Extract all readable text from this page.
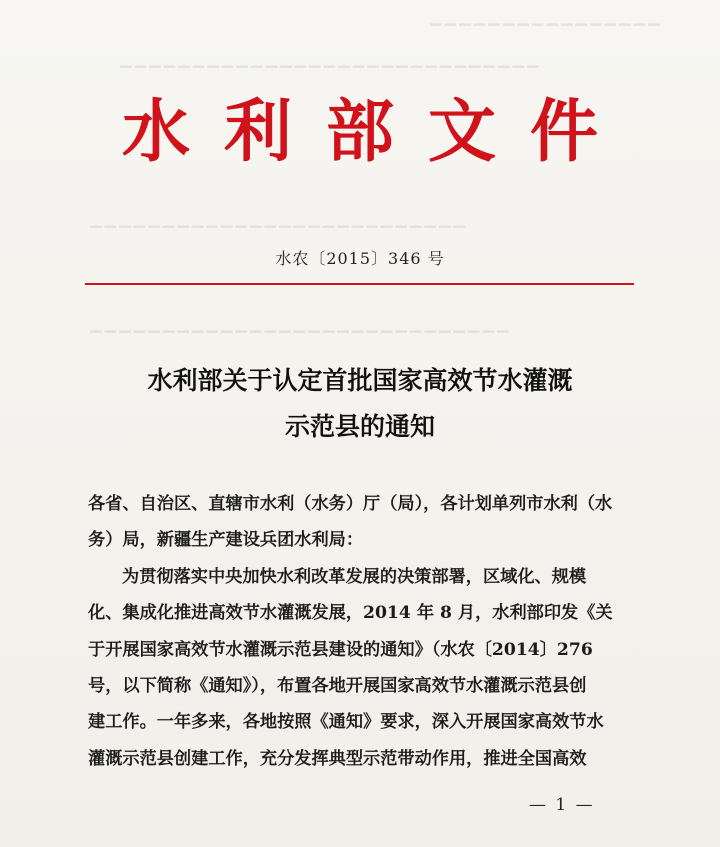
▁▁▁▁▁▁▁▁▁▁▁▁▁▁▁▁
▁▁▁▁▁▁▁▁▁▁▁▁▁▁▁▁▁▁▁▁▁▁▁▁▁▁▁▁▁
▁▁▁▁▁▁▁▁▁▁▁▁▁▁▁▁▁▁▁▁▁▁▁▁▁▁
▁▁▁▁▁▁▁▁▁▁▁▁▁▁▁▁▁▁▁▁▁▁▁▁▁▁▁▁▁
水利部文件
水农〔2015〕346 号
水利部关于认定首批国家高效节水灌溉
示范县的通知
各省、自治区、直辖市水利（水务）厅（局），各计划单列市水利（水
务）局，新疆生产建设兵团水利局：
为贯彻落实中央加快水利改革发展的决策部署，区域化、规模
化、集成化推进高效节水灌溉发展，2014 年 8 月，水利部印发《关
于开展国家高效节水灌溉示范县建设的通知》（水农〔2014〕276
号，以下简称《通知》），布置各地开展国家高效节水灌溉示范县创
建工作。一年多来，各地按照《通知》要求，深入开展国家高效节水
灌溉示范县创建工作，充分发挥典型示范带动作用，推进全国高效
— 1 —
